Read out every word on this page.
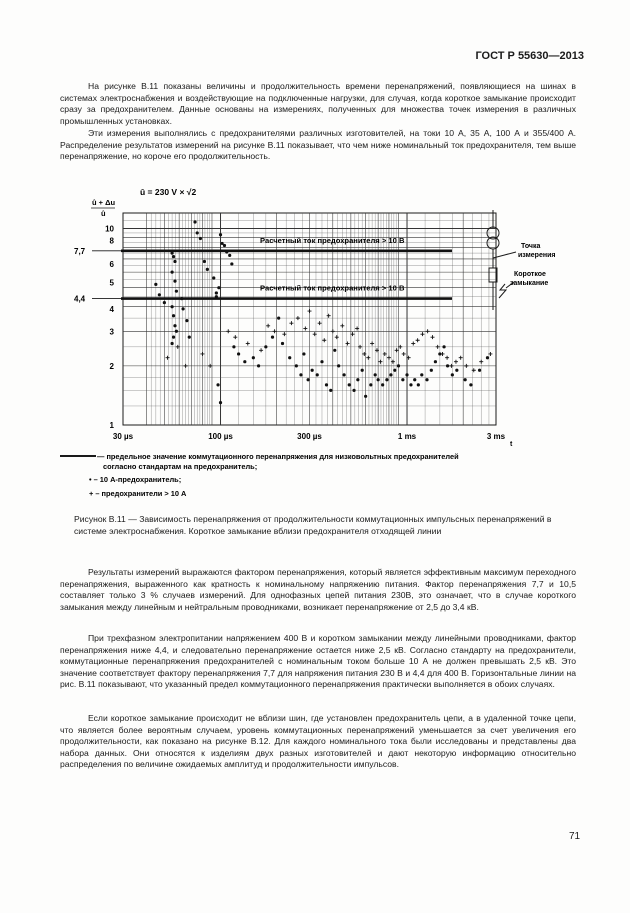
ГОСТ Р 55630—2013

На рисунке В.11 показаны величины и продолжительность времени перенапряжений, появляющиеся на шинах в системах электроснабжения и воздействующие на подключенные нагрузки, для случая, когда короткое замыкание происходит сразу за предохранителем. Данные основаны на измерениях, полученных для множества точек измерения в различных промышленных установках.

Эти измерения выполнялись с предохранителями различных изготовителей, на токи 10 А, 35 А, 100 А и 355/400 А. Распределение результатов измерений на рисунке В.11 показывает, что чем ниже номинальный ток предохранителя, тем выше перенапряжение, но короче его продолжительность.

û = 230 V × √2
û + Δu
û
10
8
7,7
6
5
4,4
4
3
2
1
30 µs	100 µs	300 µs	1 ms	3 ms
t
Расчетный ток предохранителя > 10 В
Расчетный ток предохранителя > 10 В
Точка измерения
Короткое замыкание
— предельное значение коммутационного перенапряжения для низковольтных предохранителей согласно стандартам на предохранитель;
• – 10 А-предохранитель;
+ – предохранители > 10 А

Рисунок В.11 — Зависимость перенапряжения от продолжительности коммутационных импульсных перенапряжений в системе электроснабжения. Короткое замыкание вблизи предохранителя отходящей линии

Результаты измерений выражаются фактором перенапряжения, который является эффективным максимум переходного перенапряжения, выраженного как кратность к номинальному напряжению питания. Фактор перенапряжения 7,7 и 10,5 составляет только 3 % случаев измерений. Для однофазных цепей питания 230В, это означает, что в случае короткого замыкания между линейным и нейтральным проводниками, возникает перенапряжение от 2,5 до 3,4 кВ.

При трехфазном электропитании напряжением 400 В и коротком замыкании между линейными проводниками, фактор перенапряжения ниже 4,4, и следовательно перенапряжение остается ниже 2,5 кВ. Согласно стандарту на предохранители, коммутационные перенапряжения предохранителей с номинальным током больше 10 А не должен превышать 2,5 кВ. Это значение соответствует фактору перенапряжения 7,7 для напряжения питания 230 В и 4,4 для 400 В. Горизонтальные линии на рис. В.11 показывают, что указанный предел коммутационного перенапряжения практически выполняется в обоих случаях.

Если короткое замыкание происходит не вблизи шин, где установлен предохранитель цепи, а в удаленной точке цепи, что является более вероятным случаем, уровень коммутационных перенапряжений уменьшается за счет увеличения его продолжительности, как показано на рисунке В.12. Для каждого номинального тока были исследованы и представлены два набора данных. Они относятся к изделиям двух разных изготовителей и дают некоторую информацию относительно распределения по величине ожидаемых амплитуд и продолжительности импульсов.

71
